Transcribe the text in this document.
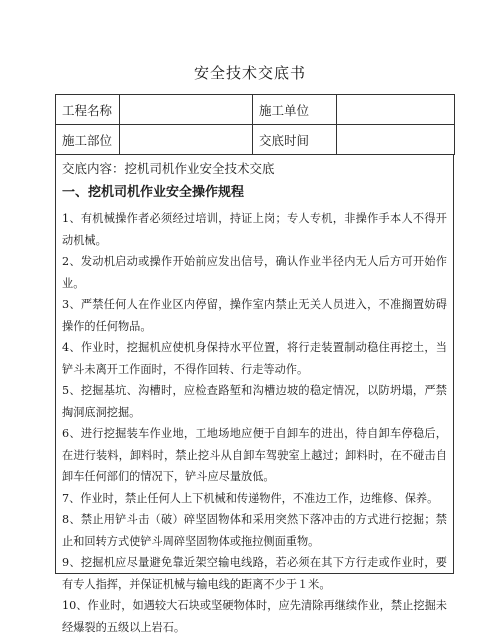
安全技术交底书
工程名称		施工单位	
施工部位		交底时间	

交底内容：挖机司机作业安全技术交底

一、挖机司机作业安全操作规程

1、有机械操作者必须经过培训，持证上岗；专人专机，非操作手本人不得开动机械。

2、发动机启动或操作开始前应发出信号，确认作业半径内无人后方可开始作业。

3、严禁任何人在作业区内停留，操作室内禁止无关人员进入，不准搁置妨碍操作的任何物品。

4、作业时，挖掘机应使机身保持水平位置，将行走装置制动稳住再挖土，当铲斗未离开工作面时，不得作回转、行走等动作。

5、挖掘基坑、沟槽时，应检查路堑和沟槽边坡的稳定情况，以防坍塌，严禁掏洞底洞挖掘。

6、进行挖掘装车作业地，工地场地应便于自卸车的进出，待自卸车停稳后，在进行装料，卸料时，禁止挖斗从自卸车驾驶室上越过；卸料时，在不碰击自卸车任何部们的情况下，铲斗应尽量放低。

7、作业时，禁止任何人上下机械和传递物件，不准边工作，边维修、保养。

8、禁止用铲斗击（破）碎坚固物体和采用突然下落冲击的方式进行挖掘；禁止和回转方式使铲斗周碎坚固物体或拖拉侧面重物。

9、挖掘机应尽量避免靠近架空输电线路，若必须在其下方行走或作业时，要有专人指挥，并保证机械与输电线的距离不少于１米。

10、作业时，如遇较大石块或坚硬物体时，应先清除再继续作业，禁止挖掘未经爆裂的五级以上岩石。
